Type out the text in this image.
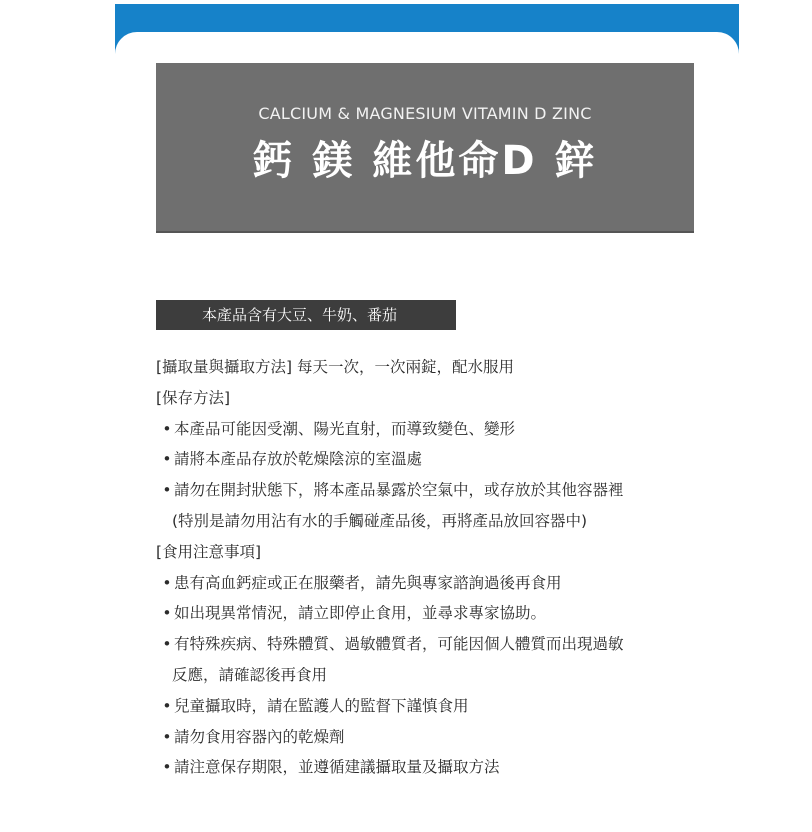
CALCIUM & MAGNESIUM VITAMIN D ZINC
鈣 鎂 維他命D 鋅
本產品含有大豆、牛奶、番茄
[攝取量與攝取方法] 每天一次，一次兩錠，配水服用
[保存方法]
• 本產品可能因受潮、陽光直射，而導致變色、變形
• 請將本產品存放於乾燥陰涼的室溫處
• 請勿在開封狀態下，將本產品暴露於空氣中，或存放於其他容器裡
(特別是請勿用沾有水的手觸碰產品後，再將產品放回容器中)
[食用注意事項]
• 患有高血鈣症或正在服藥者，請先與專家諮詢過後再食用
• 如出現異常情況，請立即停止食用，並尋求專家協助。
• 有特殊疾病、特殊體質、過敏體質者，可能因個人體質而出現過敏
反應，請確認後再食用
• 兒童攝取時，請在監護人的監督下謹慎食用
• 請勿食用容器內的乾燥劑
• 請注意保存期限，並遵循建議攝取量及攝取方法
